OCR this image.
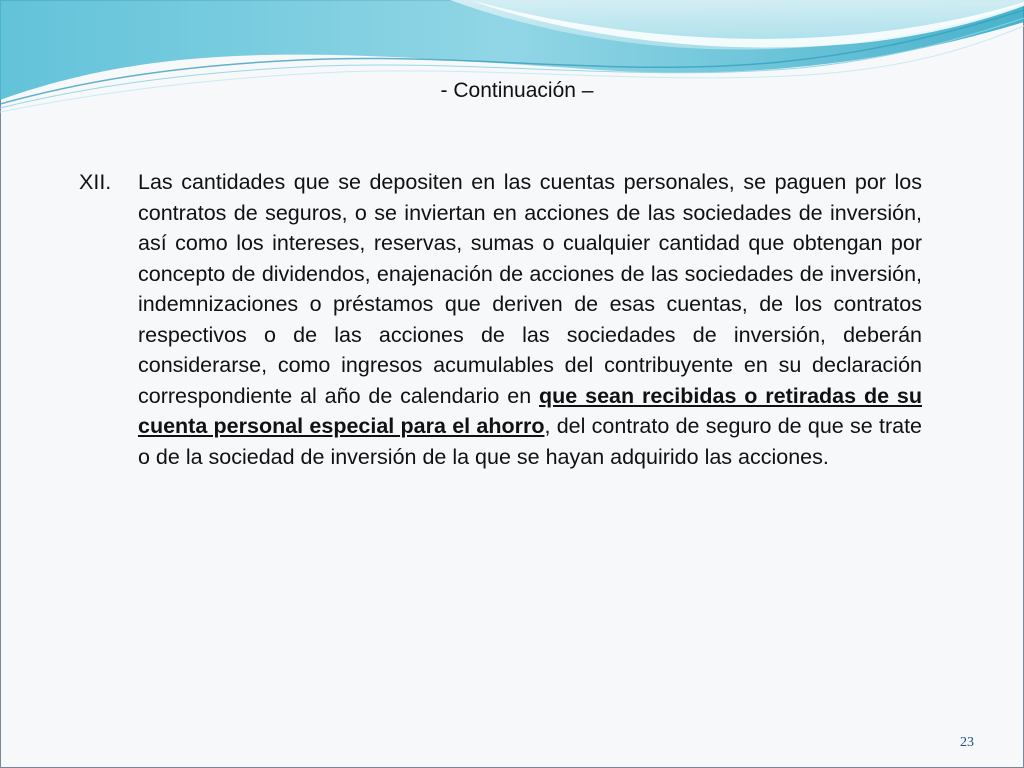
- Continuación –
XII. Las cantidades que se depositen en las cuentas personales, se paguen por los contratos de seguros, o se inviertan en acciones de las sociedades de inversión, así como los intereses, reservas, sumas o cualquier cantidad que obtengan por concepto de dividendos, enajenación de acciones de las sociedades de inversión, indemnizaciones o préstamos que deriven de esas cuentas, de los contratos respectivos o de las acciones de las sociedades de inversión, deberán considerarse, como ingresos acumulables del contribuyente en su declaración correspondiente al año de calendario en que sean recibidas o retiradas de su cuenta personal especial para el ahorro, del contrato de seguro de que se trate o de la sociedad de inversión de la que se hayan adquirido las acciones.
23
